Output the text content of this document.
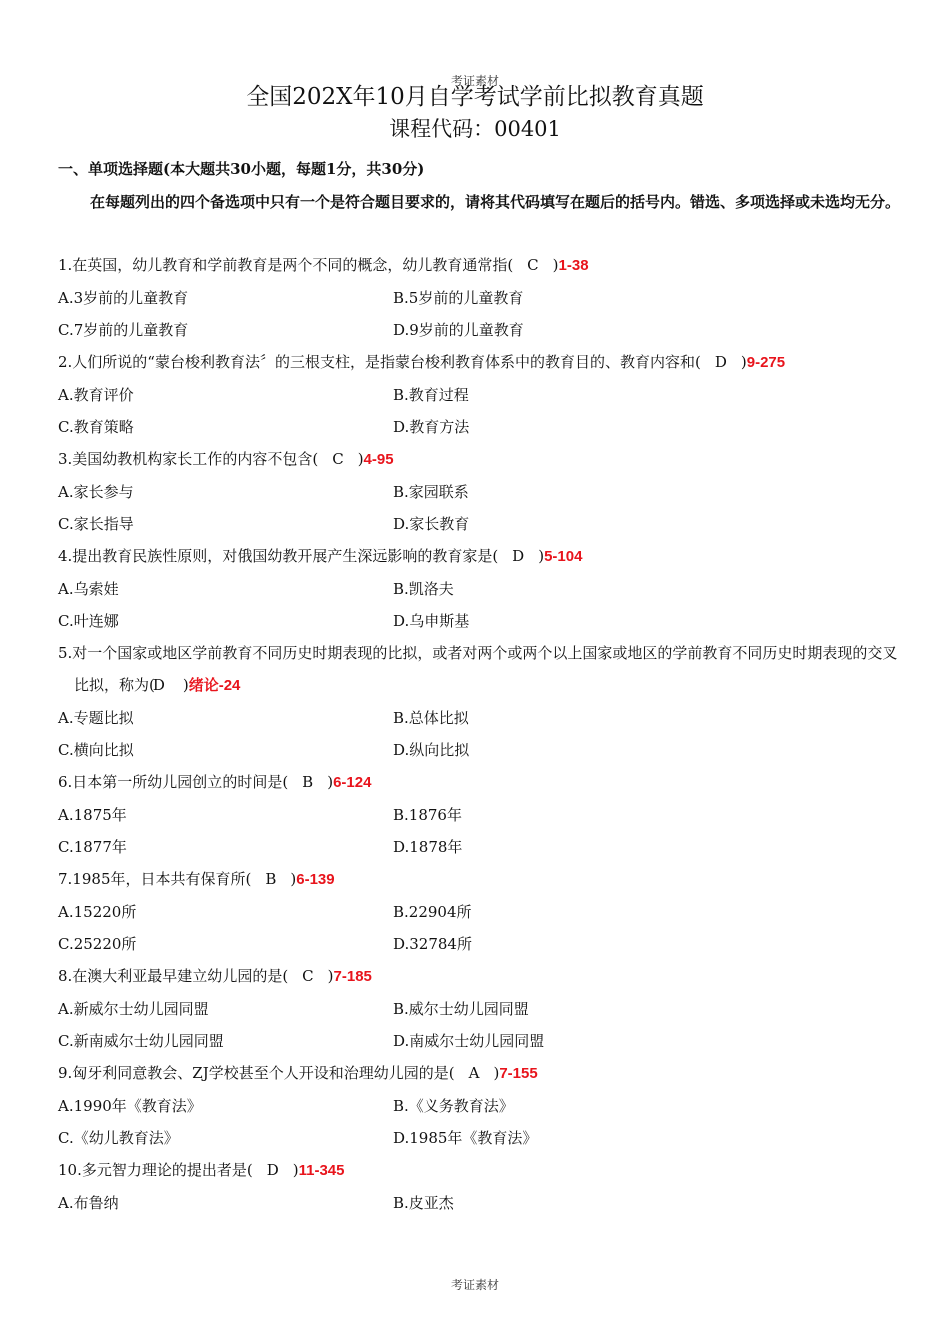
考证素材
全国202X年10月自学考试学前比拟教育真题
课程代码：00401
一、单项选择题(本大题共30小题，每题1分，共30分)
在每题列出的四个备选项中只有一个是符合题目要求的，请将其代码填写在题后的括号内。错选、多项选择或未选均无分。
1.在英国，幼儿教育和学前教育是两个不同的概念，幼儿教育通常指( C )1-38
A.3岁前的儿童教育	B.5岁前的儿童教育
C.7岁前的儿童教育	D.9岁前的儿童教育
2.人们所说的“蒙台梭利教育法〞的三根支柱，是指蒙台梭利教育体系中的教育目的、教育内容和( D )9-275
A.教育评价	B.教育过程
C.教育策略	D.教育方法
3.美国幼教机构家长工作的内容不包含( C )4-95
A.家长参与	B.家园联系
C.家长指导	D.家长教育
4.提出教育民族性原则，对俄国幼教开展产生深远影响的教育家是( D )5-104
A.乌索娃	B.凯洛夫
C.叶连娜	D.乌申斯基
5.对一个国家或地区学前教育不同历史时期表现的比拟，或者对两个或两个以上国家或地区的学前教育不同历史时期表现的交叉比拟，称为(D )绪论-24
A.专题比拟	B.总体比拟
C.横向比拟	D.纵向比拟
6.日本第一所幼儿园创立的时间是( B )6-124
A.1875年	B.1876年
C.1877年	D.1878年
7.1985年，日本共有保育所( B )6-139
A.15220所	B.22904所
C.25220所	D.32784所
8.在澳大利亚最早建立幼儿园的是( C )7-185
A.新威尔士幼儿园同盟	B.威尔士幼儿园同盟
C.新南威尔士幼儿园同盟	D.南威尔士幼儿园同盟
9.匈牙利同意教会、ZJ学校甚至个人开设和治理幼儿园的是( A )7-155
A.1990年《教育法》	B.《义务教育法》
C.《幼儿教育法》	D.1985年《教育法》
10.多元智力理论的提出者是( D )11-345
A.布鲁纳	B.皮亚杰
考证素材
